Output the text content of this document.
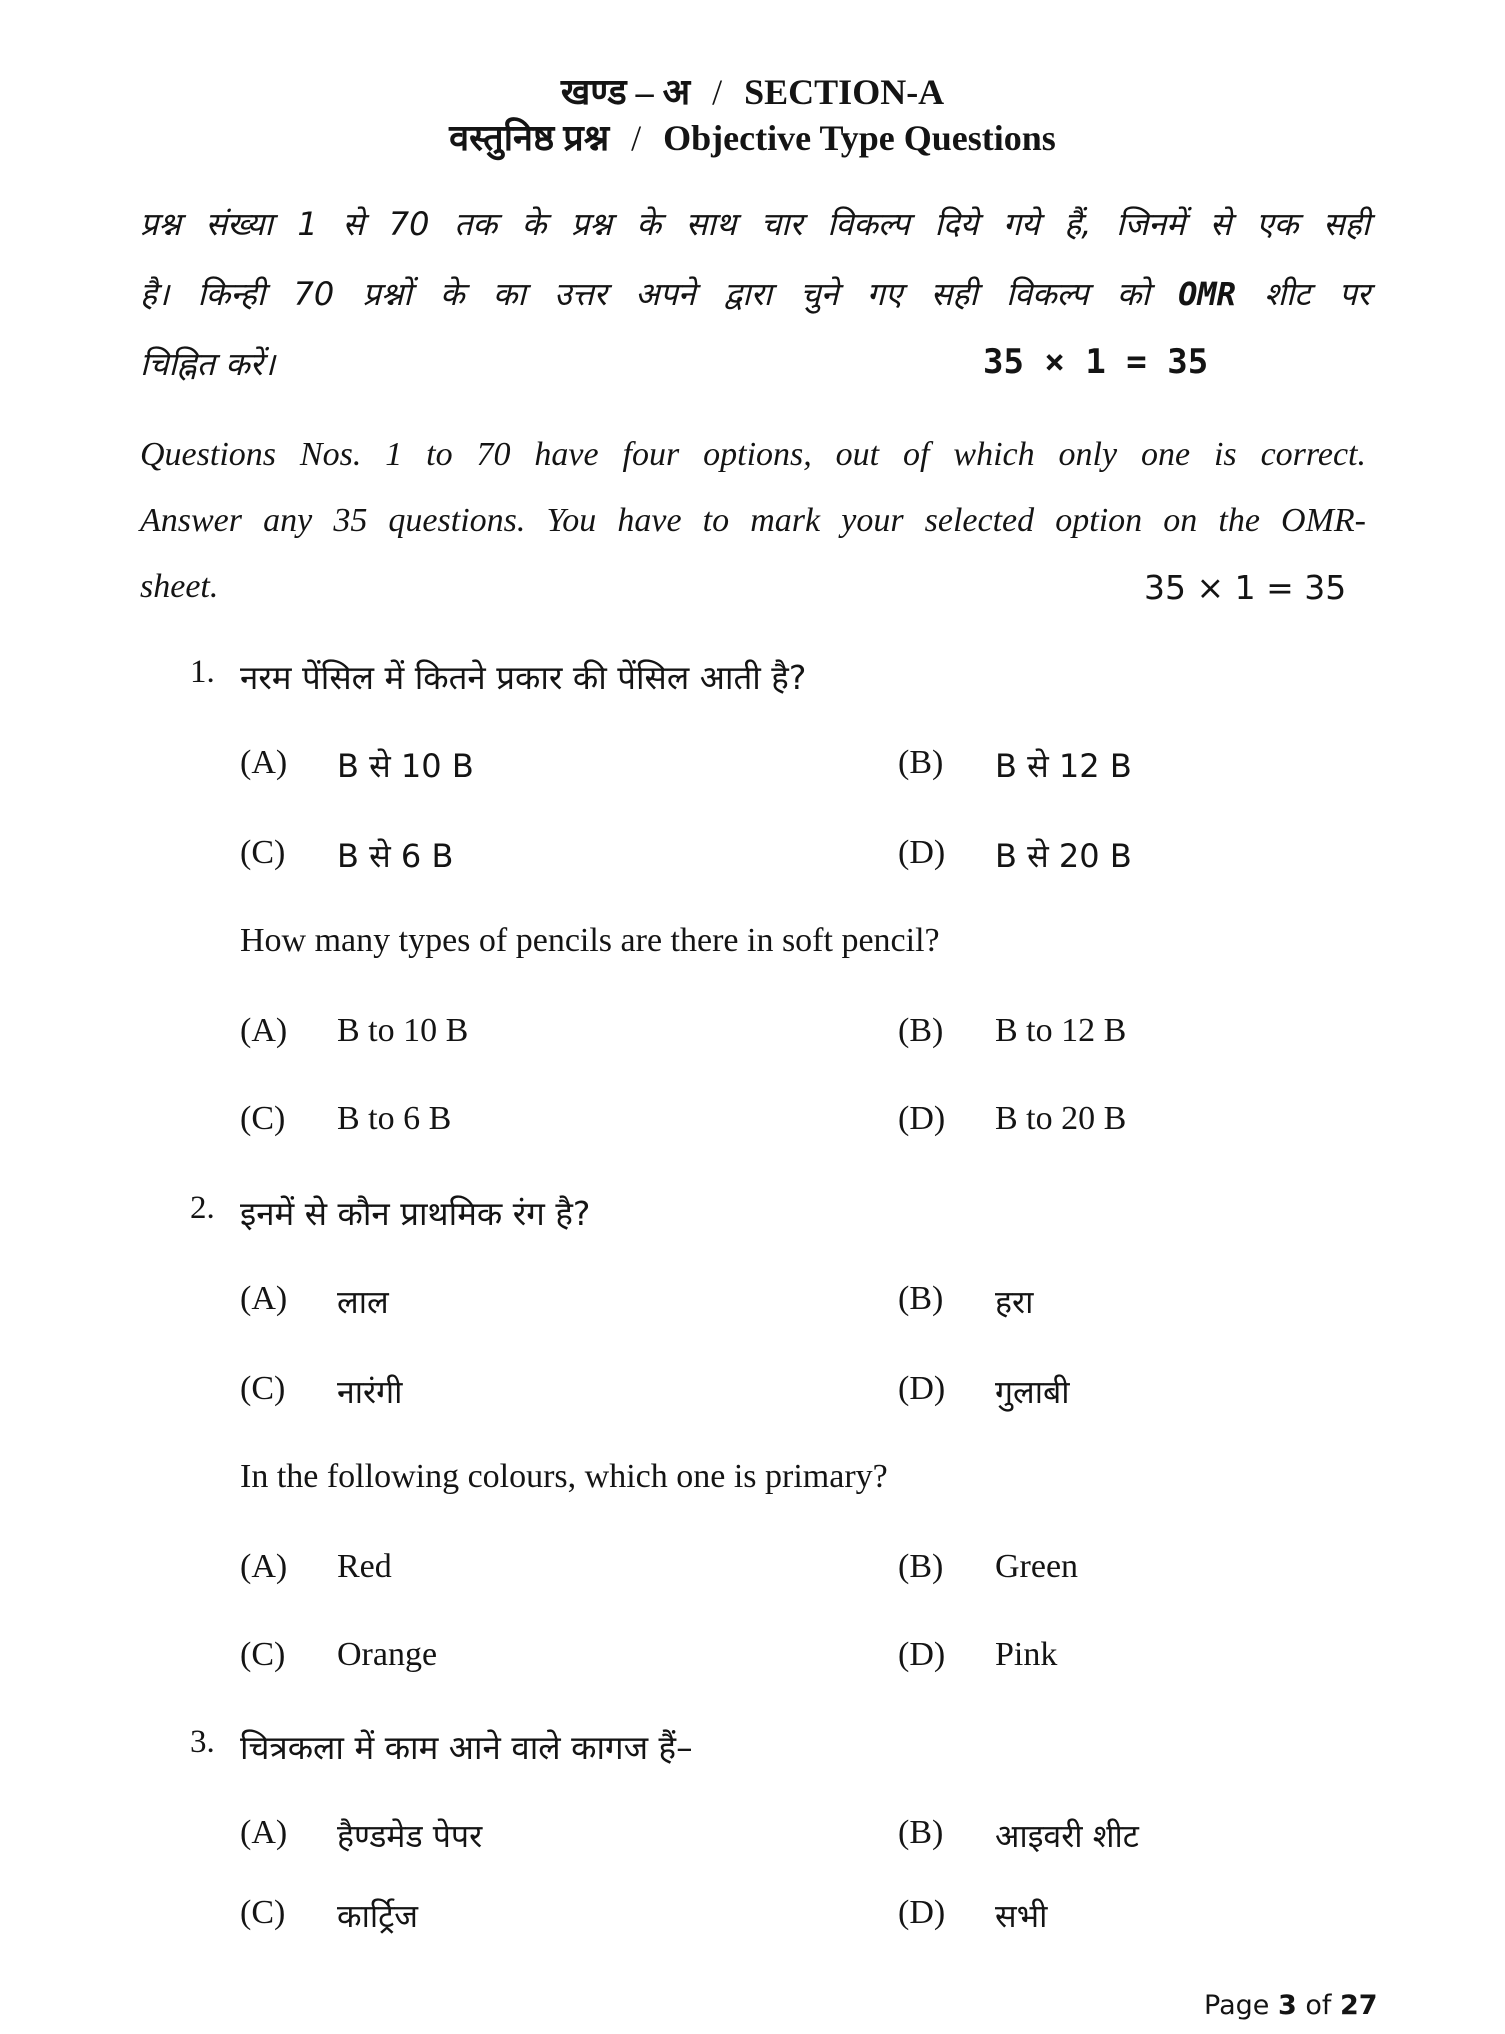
खण्ड – अ / SECTION-A
वस्तुनिष्ठ प्रश्न / Objective Type Questions
प्रश्न संख्या 1 से 70 तक के प्रश्न के साथ चार विकल्प दिये गये हैं, जिनमें से एक सही
है। किन्ही 70 प्रश्नों के का उत्तर अपने द्वारा चुने गए सही विकल्प को OMR शीट पर
चिह्नित करें।	35 × 1 = 35
Questions Nos. 1 to 70 have four options, out of which only one is correct.
Answer any 35 questions. You have to mark your selected option on the OMR-
sheet.	35 × 1 = 35
1. नरम पेंसिल में कितने प्रकार की पेंसिल आती है?
(A) B से 10 B	(B) B से 12 B
(C) B से 6 B	(D) B से 20 B
How many types of pencils are there in soft pencil?
(A) B to 10 B	(B) B to 12 B
(C) B to 6 B	(D) B to 20 B
2. इनमें से कौन प्राथमिक रंग है?
(A) लाल	(B) हरा
(C) नारंगी	(D) गुलाबी
In the following colours, which one is primary?
(A) Red	(B) Green
(C) Orange	(D) Pink
3. चित्रकला में काम आने वाले कागज हैं–
(A) हैण्डमेड पेपर	(B) आइवरी शीट
(C) कार्ट्रिज	(D) सभी
Page 3 of 27
